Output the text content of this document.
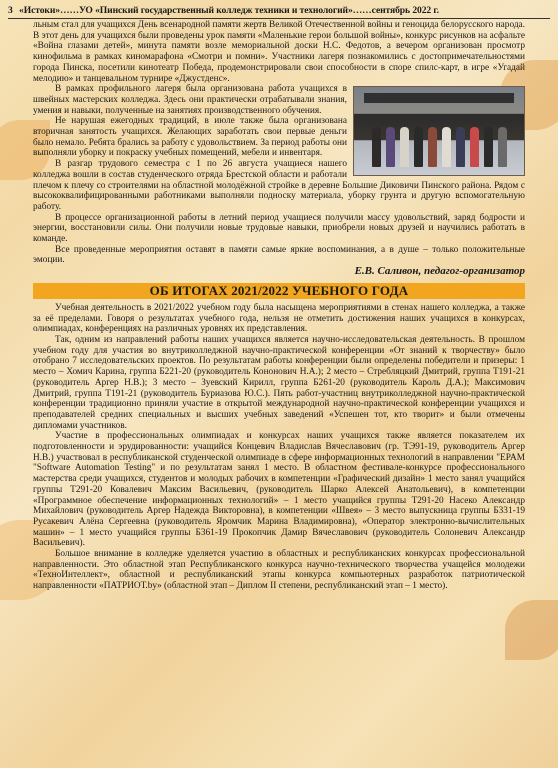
3 «Истоки»……УО «Пинский государственный колледж техники и технологий»……сентябрь 2022 г.

льным стал для учащихся День всенародной памяти жертв Великой Отечественной войны и геноцида белорусского народа. В этот день для учащихся были проведены урок памяти «Маленькие герои большой войны», конкурс рисунков на асфальте «Война глазами детей», минута памяти возле мемориальной доски Н.С. Федотов, а вечером организован просмотр кинофильма в рамках киномарафона «Смотри и помни». Участники лагеря познакомились с достопримечательностями города Пинска, посетили кинотеатр Победа, продемонстрировали свои способности в споре спилс-карт, в игре «Угадай мелодию» и танцевальном турнире «Джустденс».

В рамках профильного лагеря была организована работа учащихся в швейных мастерских колледжа. Здесь они практически отрабатывали знания, умения и навыки, полученные на занятиях производственного обучения.

Не нарушая ежегодных традиций, в июле также была организована вторичная занятость учащихся. Желающих заработать свои первые деньги было немало. Ребята брались за работу с удовольствием. За период работы они выполняли уборку и покраску учебных помещений, мебели и инвентаря.

В разгар трудового семестра с 1 по 26 августа учащиеся нашего колледжа вошли в состав студенческого отряда Брестской области и работали плечом к плечу со строителями на областной молодёжной стройке в деревне Большие Диковичи Пинского района. Рядом с высококвалифицированными работниками выполняли подноску материала, уборку грунта и другую вспомогательную работу.

В процессе организационной работы в летний период учащиеся получили массу удовольствий, заряд бодрости и энергии, восстановили силы. Они получили новые трудовые навыки, приобрели новых друзей и научились работать в команде.

Все проведенные мероприятия оставят в памяти самые яркие воспоминания, а в душе – только положительные эмоции.

Е.В. Саливон, педагог-организатор

ОБ ИТОГАХ 2021/2022 УЧЕБНОГО ГОДА

Учебная деятельность в 2021/2022 учебном году была насыщена мероприятиями в стенах нашего колледжа, а также за её пределами. Говоря о результатах учебного года, нельзя не отметить достижения наших учащихся в конкурсах, олимпиадах, конференциях на различных уровнях их представления.

Так, одним из направлений работы наших учащихся является научно-исследовательская деятельность. В прошлом учебном году для участия во внутриколледжной научно-практической конференции «От знаний к творчеству» было отобрано 7 исследовательских проектов. По результатам работы конференции были определены победители и призеры: 1 место – Хомич Карина, группа Б221-20 (руководитель Кононович Н.А.); 2 место – Стребляцкий Дмитрий, группа Т191-21 (руководитель Аргер Н.В.); 3 место – Зуевский Кирилл, группа Б261-20 (руководитель Кароль Д.А.); Максимович Дмитрий, группа Т191-21 (руководитель Буриазова Ю.С.). Пять работ-участниц внутриколледжной научно-практической конференции традиционно приняли участие в открытой международной научно-практической конференции учащихся и преподавателей средних специальных и высших учебных заведений «Успешен тот, кто творит» и были отмечены дипломами участников.

Участие в профессиональных олимпиадах и конкурсах наших учащихся также является показателем их подготовленности и эрудированности: учащийся Концевич Владислав Вячеславович (гр. ТЭ91-19, руководитель Аргер Н.В.) участвовал в республиканской студенческой олимпиаде в сфере информационных технологий в направлении "EPAM "Software Automation Testing" и по результатам занял 1 место. В областном фестивале-конкурсе профессионального мастерства среди учащихся, студентов и молодых рабочих в компетенции «Графический дизайн» 1 место занял учащийся группы Т291-20 Ковалевич Максим Васильевич, (руководитель Шарко Алексей Анатольевич), в компетенции «Программное обеспечение информационных технологий» – 1 место учащийся группы Т291-20 Насеко Александр Михайлович (руководитель Аргер Надежда Викторовна), в компетенции «Швея» – 3 место выпускница группы Б331-19 Русакевич Алёна Сергеевна (руководитель Яромчик Марина Владимировна), «Оператор электронно-вычислительных машин» – 1 место учащийся группы Б361-19 Прокопчик Дамир Вячеславович (руководитель Солоневич Александр Васильевич).

Большое внимание в колледже уделяется участию в областных и республиканских конкурсах профессиональной направленности. Это областной этап Республиканского конкурса научно-технического творчества учащейся молодежи «ТехноИнтеллект», областной и республиканский этапы конкурса компьютерных разработок патриотической направленности «ПАТРИОТ.by» (областной этап – Диплом II степени, республиканский этап – 1 место).
